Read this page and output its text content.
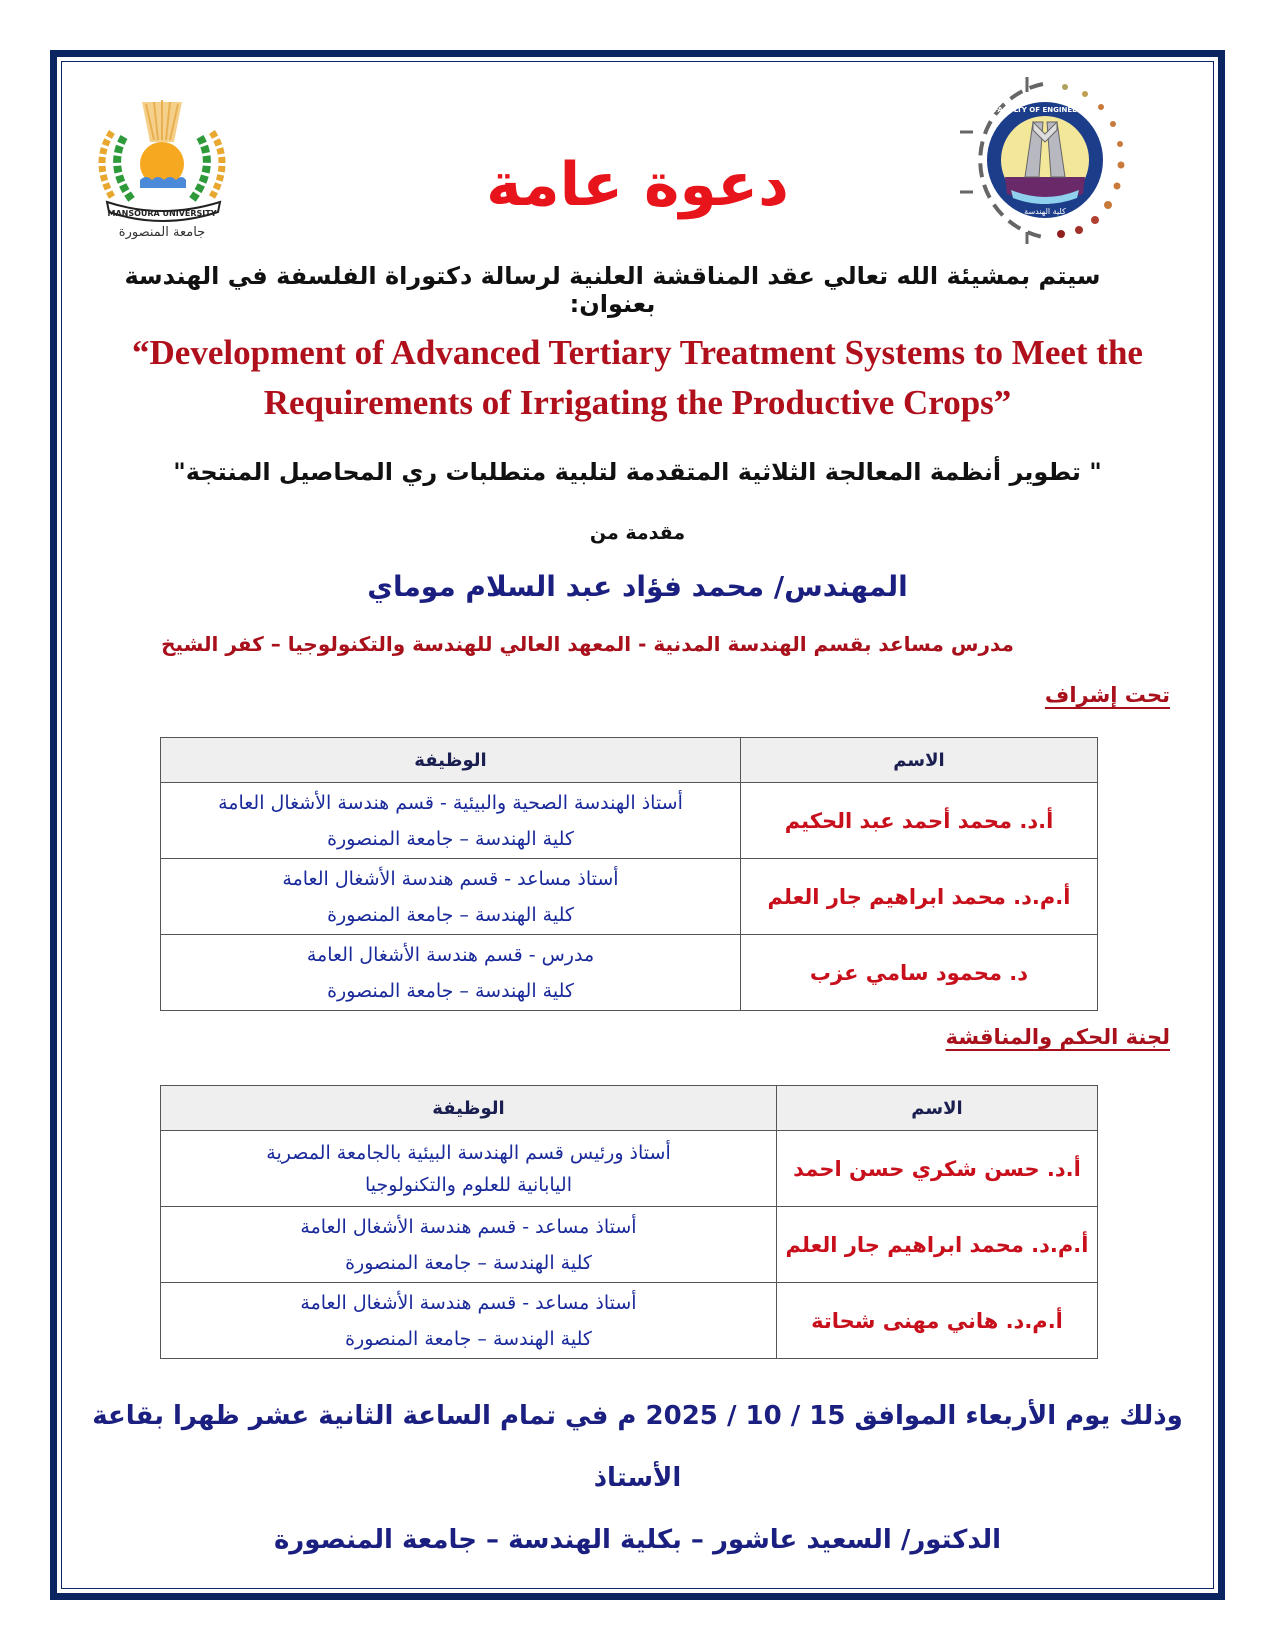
MANSOURA UNIVERSITY
جامعة المنصورة
FACULTY OF ENGINEERING
كلية الهندسة
دعوة عامة
سيتم بمشيئة الله تعالي عقد المناقشة العلنية لرسالة دكتوراة الفلسفة في الهندسة بعنوان:
“Development of Advanced Tertiary Treatment Systems to Meet the
Requirements of Irrigating the Productive Crops”
" تطوير أنظمة المعالجة الثلاثية المتقدمة لتلبية متطلبات ري المحاصيل المنتجة"
مقدمة من
المهندس/ محمد فؤاد عبد السلام موماي
مدرس مساعد بقسم الهندسة المدنية - المعهد العالي للهندسة والتكنولوجيا – كفر الشيخ
تحت إشراف
الاسم	الوظيفة
أ.د. محمد أحمد عبد الحكيم	أستاذ الهندسة الصحية والبيئية - قسم هندسة الأشغال العامة
كلية الهندسة – جامعة المنصورة

أ.م.د. محمد ابراهيم جار العلم	أستاذ مساعد - قسم هندسة الأشغال العامة
كلية الهندسة – جامعة المنصورة

د. محمود سامي عزب	مدرس - قسم هندسة الأشغال العامة
كلية الهندسة – جامعة المنصورة
لجنة الحكم والمناقشة
الاسم	الوظيفة
أ.د. حسن شكري حسن احمد	أستاذ ورئيس قسم الهندسة البيئية بالجامعة المصرية
اليابانية للعلوم والتكنولوجيا

أ.م.د. محمد ابراهيم جار العلم	أستاذ مساعد - قسم هندسة الأشغال العامة
كلية الهندسة – جامعة المنصورة

أ.م.د. هاني مهنى شحاتة	أستاذ مساعد - قسم هندسة الأشغال العامة
كلية الهندسة – جامعة المنصورة
وذلك يوم الأربعاء الموافق 15 / 10 / 2025 م في تمام الساعة الثانية عشر ظهرا بقاعة الأستاذ
الدكتور/ السعيد عاشور – بكلية الهندسة – جامعة المنصورة
